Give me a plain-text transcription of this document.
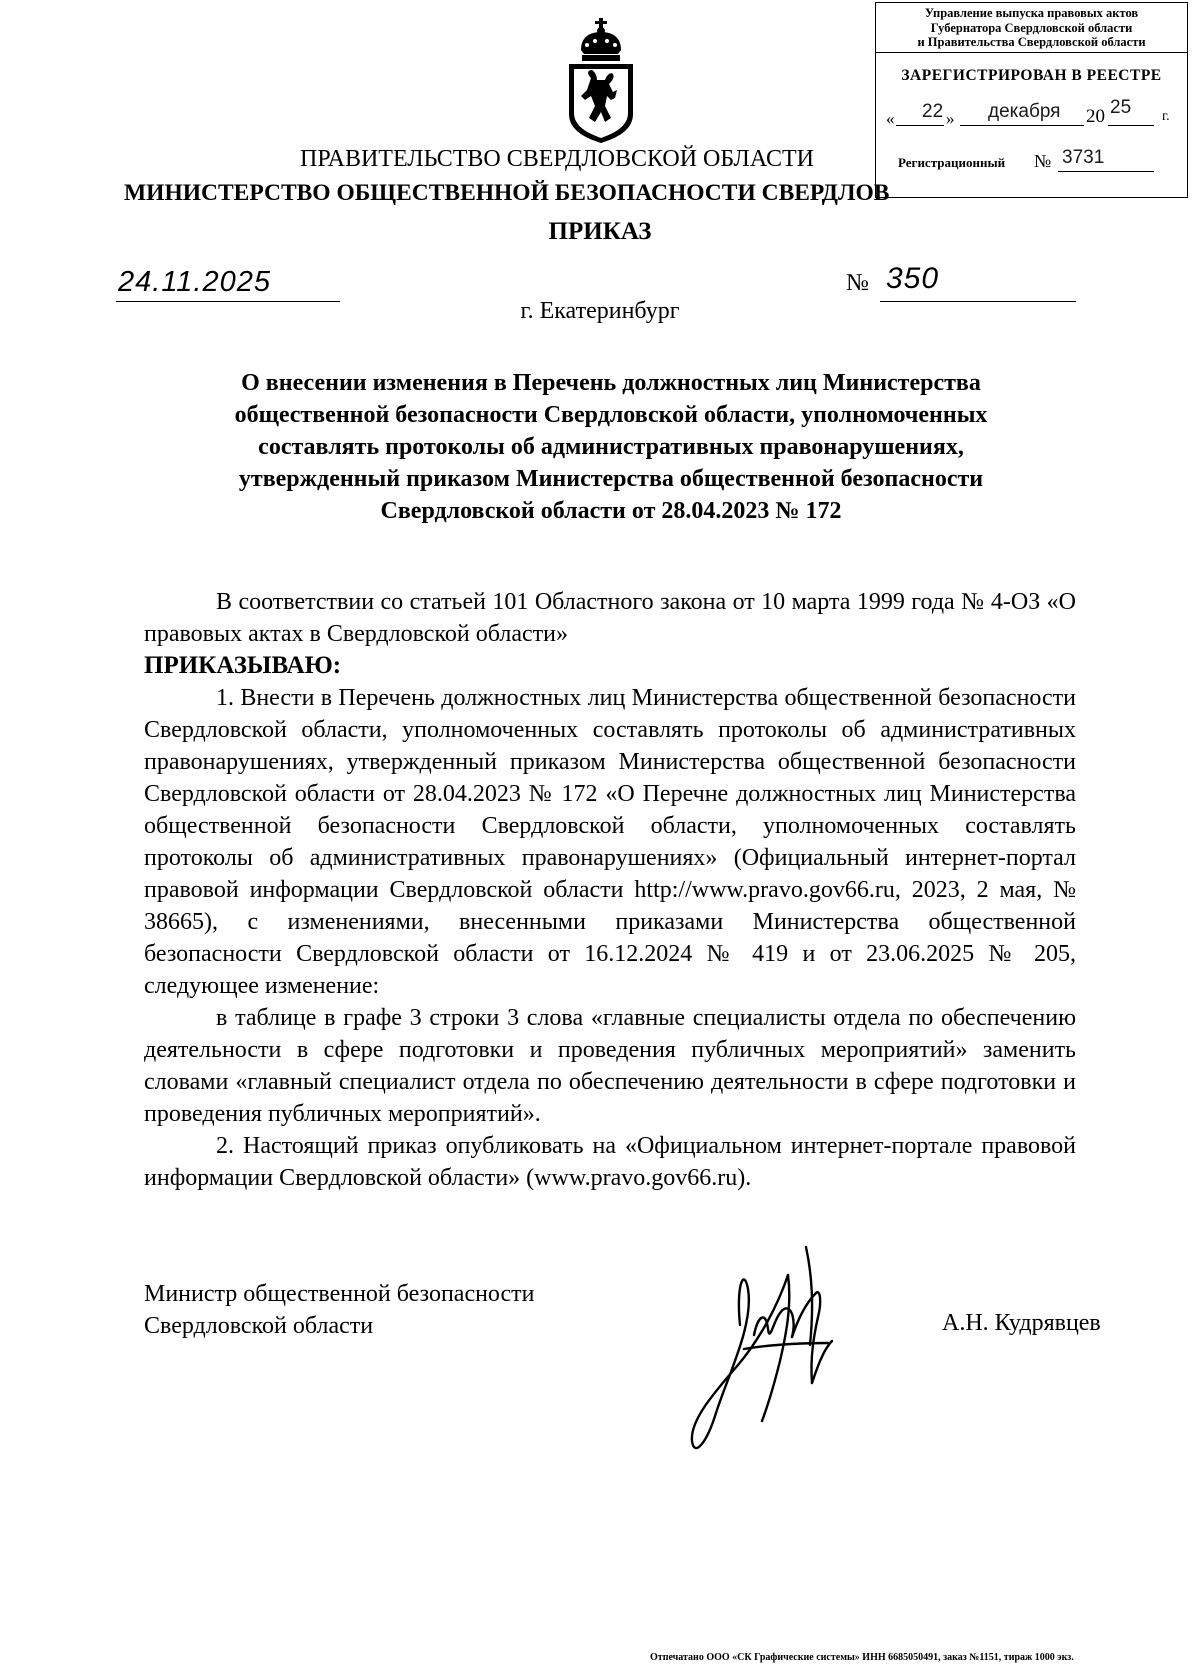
Управление выпуска правовых актов
Губернатора Свердловской области
и Правительства Свердловской области
ЗАРЕГИСТРИРОВАН В РЕЕСТРЕ
« 22 » декабря 20 25 г.
Регистрационный № 3731
ПРАВИТЕЛЬСТВО СВЕРДЛОВСКОЙ ОБЛАСТИ
МИНИСТЕРСТВО ОБЩЕСТВЕННОЙ БЕЗОПАСНОСТИ СВЕРДЛОВ
ПРИКАЗ
24.11.2025	№ 350
г. Екатеринбург
О внесении изменения в Перечень должностных лиц Министерства
общественной безопасности Свердловской области, уполномоченных
составлять протоколы об административных правонарушениях,
утвержденный приказом Министерства общественной безопасности
Свердловской области от 28.04.2023 № 172
В соответствии со статьей 101 Областного закона от 10 марта 1999 года № 4-ОЗ «О правовых актах в Свердловской области»
ПРИКАЗЫВАЮ:
1. Внести в Перечень должностных лиц Министерства общественной безопасности Свердловской области, уполномоченных составлять протоколы об административных правонарушениях, утвержденный приказом Министерства общественной безопасности Свердловской области от 28.04.2023 № 172 «О Перечне должностных лиц Министерства общественной безопасности Свердловской области, уполномоченных составлять протоколы об административных правонарушениях» (Официальный интернет-портал правовой информации Свердловской области http://www.pravo.gov66.ru, 2023, 2 мая, № 38665), с изменениями, внесенными приказами Министерства общественной безопасности Свердловской области от 16.12.2024 № 419 и от 23.06.2025 № 205, следующее изменение:
в таблице в графе 3 строки 3 слова «главные специалисты отдела по обеспечению деятельности в сфере подготовки и проведения публичных мероприятий» заменить словами «главный специалист отдела по обеспечению деятельности в сфере подготовки и проведения публичных мероприятий».
2. Настоящий приказ опубликовать на «Официальном интернет-портале правовой информации Свердловской области» (www.pravo.gov66.ru).
Министр общественной безопасности
Свердловской области	А.Н. Кудрявцев
Отпечатано ООО «СК Графические системы» ИНН 6685050491, заказ №1151, тираж 1000 экз.
